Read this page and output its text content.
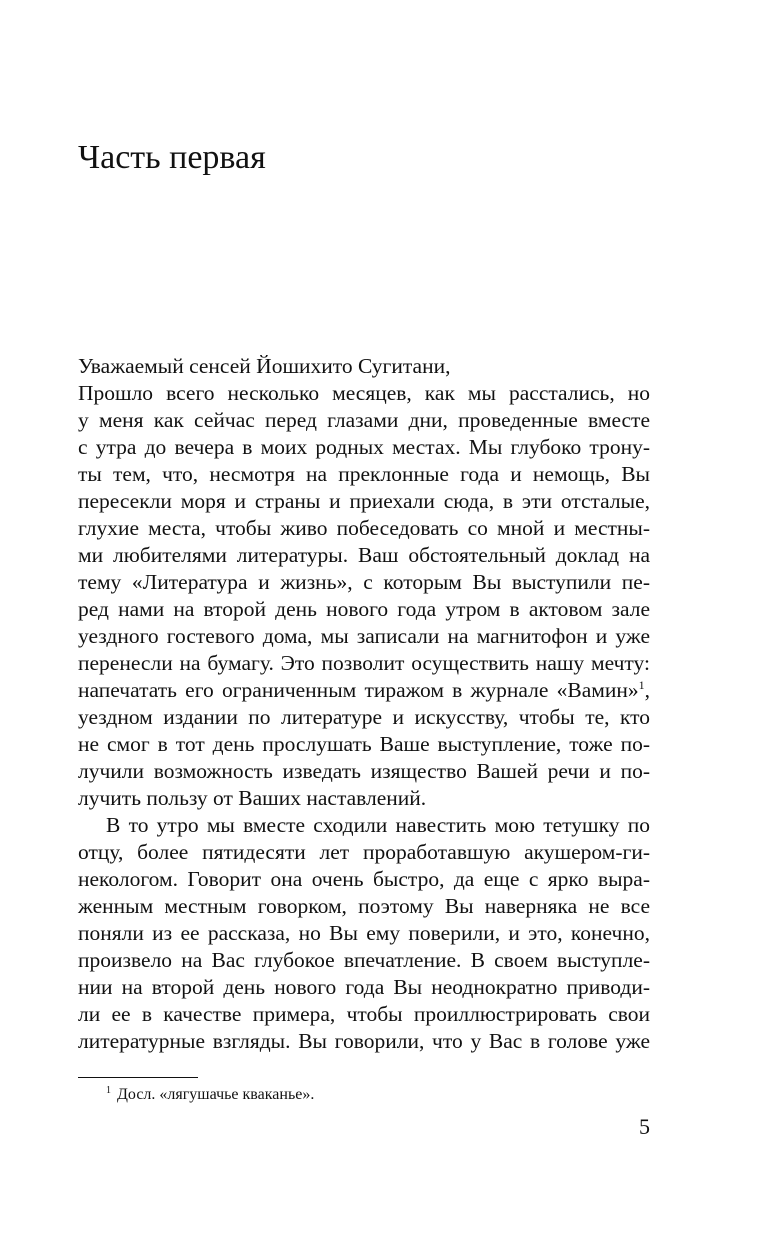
Часть первая
Уважаемый сенсей Йошихито Сугитани,
Прошло всего несколько месяцев, как мы расстались, но
у меня как сейчас перед глазами дни, проведенные вместе
с утра до вечера в моих родных местах. Мы глубоко трону-
ты тем, что, несмотря на преклонные года и немощь, Вы
пересекли моря и страны и приехали сюда, в эти отсталые,
глухие места, чтобы живо побеседовать со мной и местны-
ми любителями литературы. Ваш обстоятельный доклад на
тему «Литература и жизнь», с которым Вы выступили пе-
ред нами на второй день нового года утром в актовом зале
уездного гостевого дома, мы записали на магнитофон и уже
перенесли на бумагу. Это позволит осуществить нашу мечту:
напечатать его ограниченным тиражом в журнале «Вамин»$^1$,
уездном издании по литературе и искусству, чтобы те, кто
не смог в тот день прослушать Ваше выступление, тоже по-
лучили возможность изведать изящество Вашей речи и по-
лучить пользу от Ваших наставлений.
В то утро мы вместе сходили навестить мою тетушку по
отцу, более пятидесяти лет проработавшую акушером-ги-
некологом. Говорит она очень быстро, да еще с ярко выра-
женным местным говорком, поэтому Вы наверняка не все
поняли из ее рассказа, но Вы ему поверили, и это, конечно,
произвело на Вас глубокое впечатление. В своем выступле-
нии на второй день нового года Вы неоднократно приводи-
ли ее в качестве примера, чтобы проиллюстрировать свои
литературные взгляды. Вы говорили, что у Вас в голове уже
$^1$ Досл. «лягушачье кваканье».
5
